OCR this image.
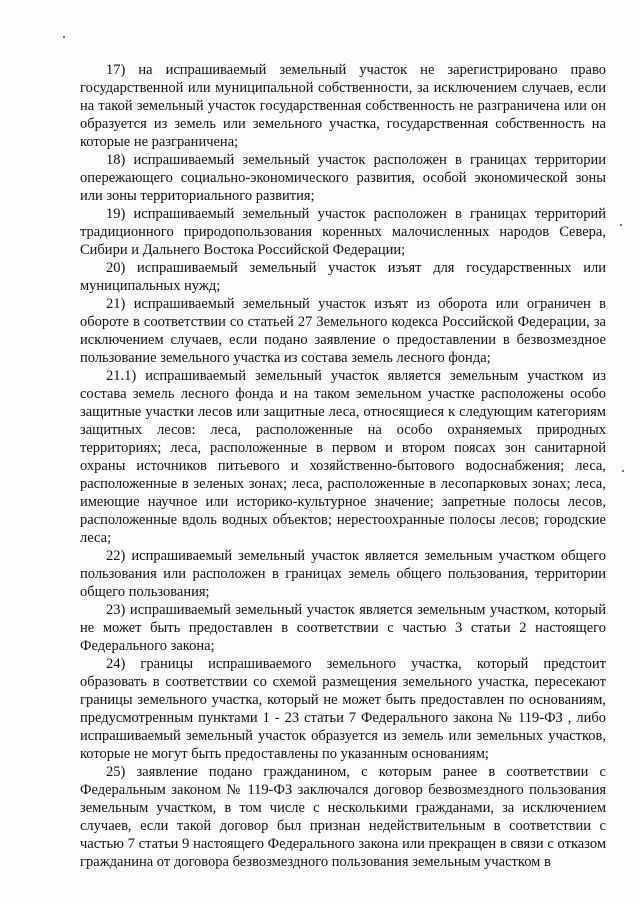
17) на испрашиваемый земельный участок не зарегистрировано право государственной или муниципальной собственности, за исключением случаев, если на такой земельный участок государственная собственность не разграничена или он образуется из земель или земельного участка, государственная собственность на которые не разграничена;

18) испрашиваемый земельный участок расположен в границах территории опережающего социально-экономического развития, особой экономической зоны или зоны территориального развития;

19) испрашиваемый земельный участок расположен в границах территорий традиционного природопользования коренных малочисленных народов Севера, Сибири и Дальнего Востока Российской Федерации;

20) испрашиваемый земельный участок изъят для государственных или муниципальных нужд;

21) испрашиваемый земельный участок изъят из оборота или ограничен в обороте в соответствии со статьей 27 Земельного кодекса Российской Федерации, за исключением случаев, если подано заявление о предоставлении в безвозмездное пользование земельного участка из состава земель лесного фонда;

21.1) испрашиваемый земельный участок является земельным участком из состава земель лесного фонда и на таком земельном участке расположены особо защитные участки лесов или защитные леса, относящиеся к следующим категориям защитных лесов: леса, расположенные на особо охраняемых природных территориях; леса, расположенные в первом и втором поясах зон санитарной охраны источников питьевого и хозяйственно-бытового водоснабжения; леса, расположенные в зеленых зонах; леса, расположенные в лесопарковых зонах; леса, имеющие научное или историко-культурное значение; запретные полосы лесов, расположенные вдоль водных объектов; нерестоохранные полосы лесов; городские леса;

22) испрашиваемый земельный участок является земельным участком общего пользования или расположен в границах земель общего пользования, территории общего пользования;

23) испрашиваемый земельный участок является земельным участком, который не может быть предоставлен в соответствии с частью 3 статьи 2 настоящего Федерального закона;

24) границы испрашиваемого земельного участка, который предстоит образовать в соответствии со схемой размещения земельного участка, пересекают границы земельного участка, который не может быть предоставлен по основаниям, предусмотренным пунктами 1 - 23 статьи 7 Федерального закона № 119-ФЗ , либо испрашиваемый земельный участок образуется из земель или земельных участков, которые не могут быть предоставлены по указанным основаниям;

25) заявление подано гражданином, с которым ранее в соответствии с Федеральным законом № 119-ФЗ заключался договор безвозмездного пользования земельным участком, в том числе с несколькими гражданами, за исключением случаев, если такой договор был признан недействительным в соответствии с частью 7 статьи 9 настоящего Федерального закона или прекращен в связи с отказом гражданина от договора безвозмездного пользования земельным участком в
